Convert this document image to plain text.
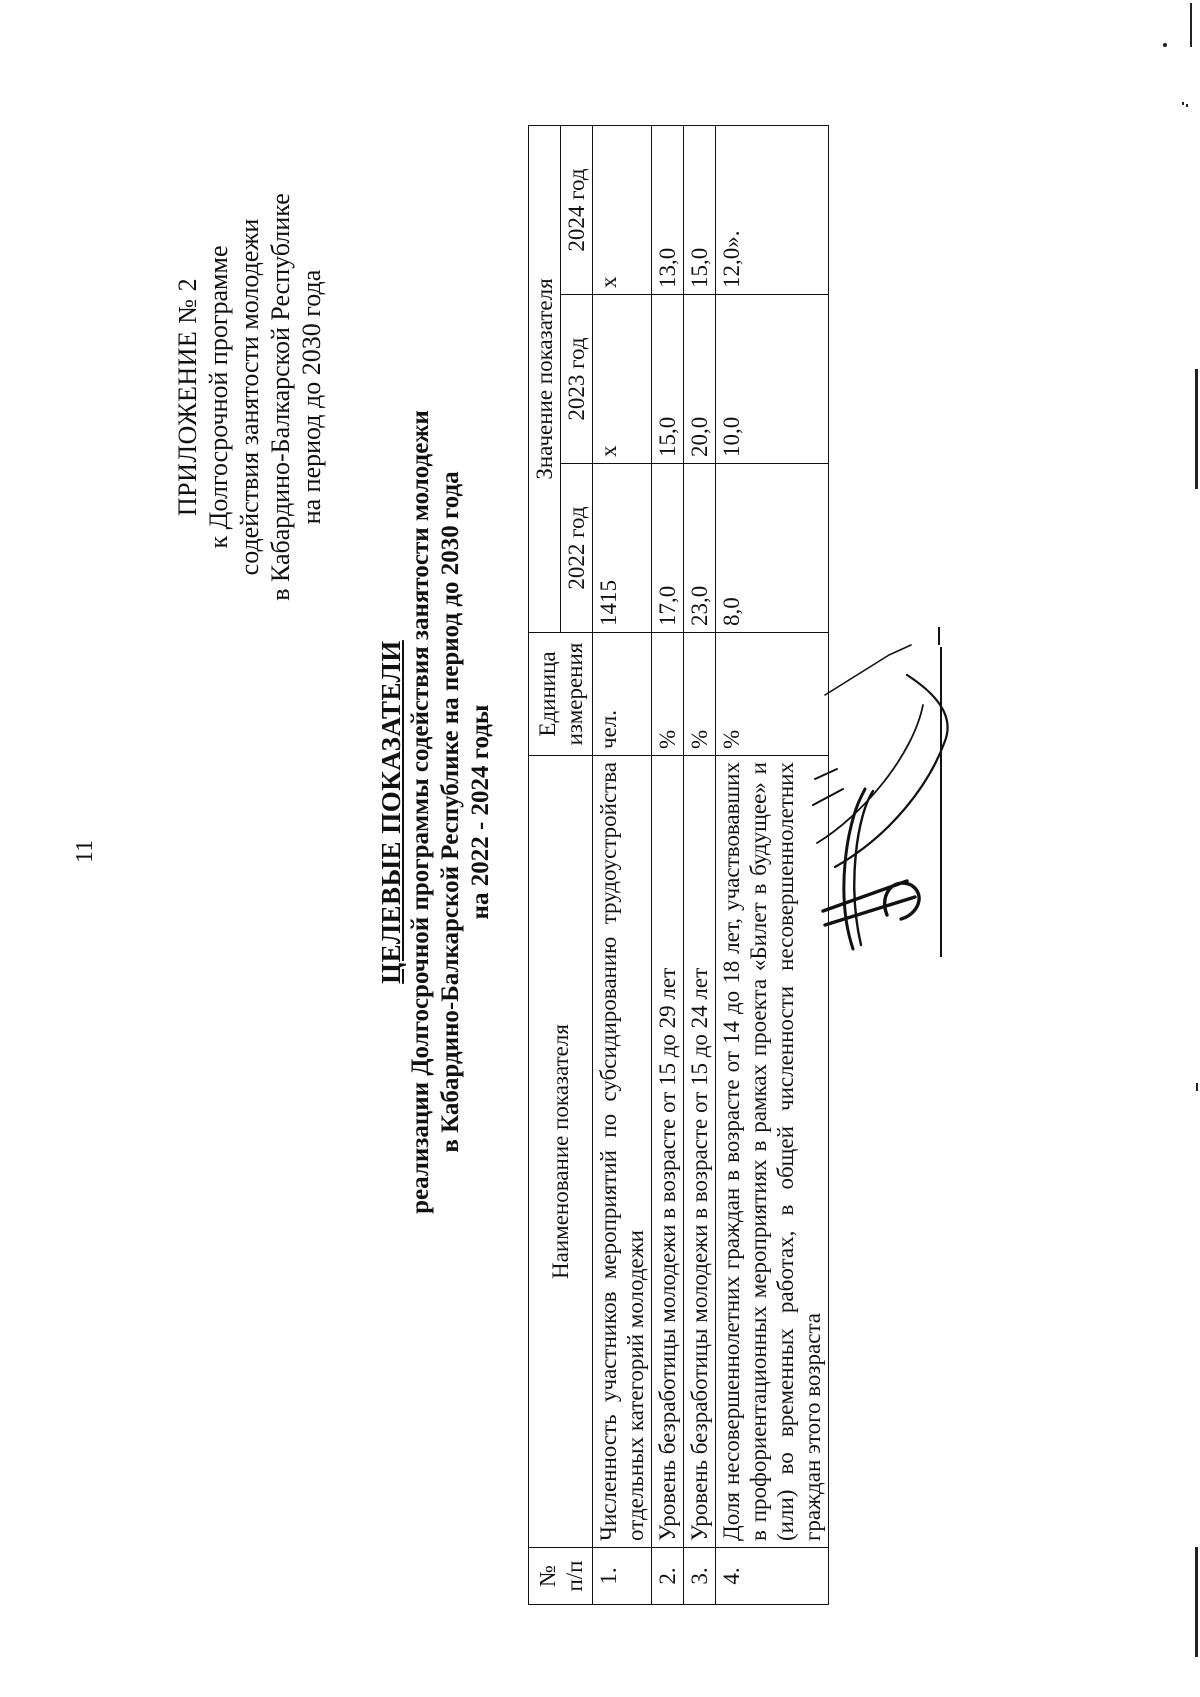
11
ПРИЛОЖЕНИЕ № 2 к Долгосрочной программе содействия занятости молодежи в Кабардино-Балкарской Республике на период до 2030 года
ЦЕЛЕВЫЕ ПОКАЗАТЕЛИ реализации Долгосрочной программы содействия занятости молодежи в Кабардино-Балкарской Республике на период до 2030 года на 2022 - 2024 годы
№ п/п	Наименование показателя	Единица измерения	Значение показателя		
			2022 год	2023 год	2024 год
1.	Численность участников мероприятий по субсидированию трудоустройства отдельных категорий молодежи	чел.	1415	х	х
2.	Уровень безработицы молодежи в возрасте от 15 до 29 лет	%	17,0	15,0	13,0
3.	Уровень безработицы молодежи в возрасте от 15 до 24 лет	%	23,0	20,0	15,0
4.	Доля несовершеннолетних граждан в возрасте от 14 до 18 лет, участвовавших в профориентационных мероприятиях в рамках проекта «Билет в будущее» и (или) во временных работах, в общей численности несовершеннолетних граждан этого возраста	%	8,0	10,0	12,0».
